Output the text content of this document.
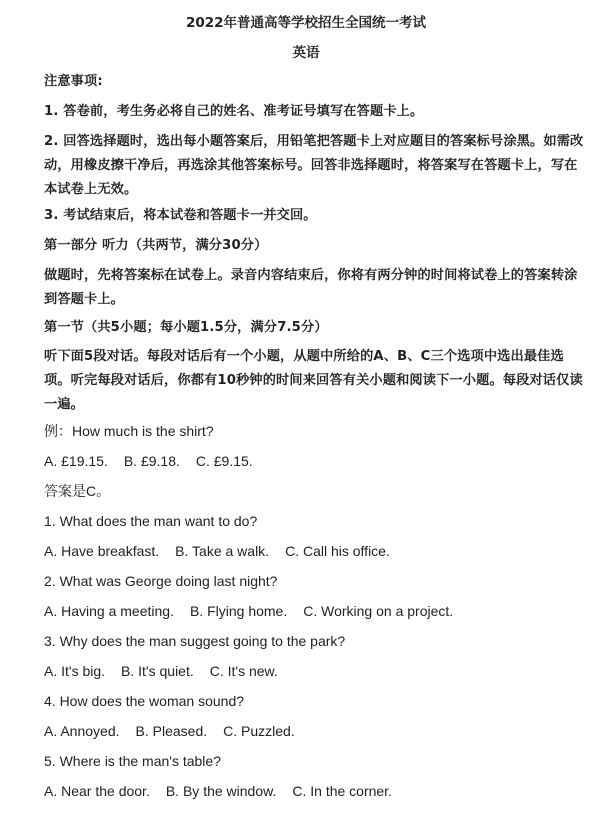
2022年普通高等学校招生全国统一考试
英语
注意事项:
1. 答卷前，考生务必将自己的姓名、准考证号填写在答题卡上。
2. 回答选择题时，选出每小题答案后，用铅笔把答题卡上对应题目的答案标号涂黑。如需改动，用橡皮擦干净后，再选涂其他答案标号。回答非选择题时，将答案写在答题卡上，写在本试卷上无效。
3. 考试结束后，将本试卷和答题卡一并交回。
第一部分 听力（共两节，满分30分）
做题时，先将答案标在试卷上。录音内容结束后，你将有两分钟的时间将试卷上的答案转涂到答题卡上。
第一节（共5小题；每小题1.5分，满分7.5分）
听下面5段对话。每段对话后有一个小题，从题中所给的A、B、C三个选项中选出最佳选项。听完每段对话后，你都有10秒钟的时间来回答有关小题和阅读下一小题。每段对话仅读一遍。
例：How much is the shirt?
A. £19.15. B. £9.18. C. £9.15.
答案是C。
1. What does the man want to do?
A. Have breakfast. B. Take a walk. C. Call his office.
2. What was George doing last night?
A. Having a meeting. B. Flying home. C. Working on a project.
3. Why does the man suggest going to the park?
A. It's big. B. It's quiet. C. It's new.
4. How does the woman sound?
A. Annoyed. B. Pleased. C. Puzzled.
5. Where is the man's table?
A. Near the door. B. By the window. C. In the corner.
